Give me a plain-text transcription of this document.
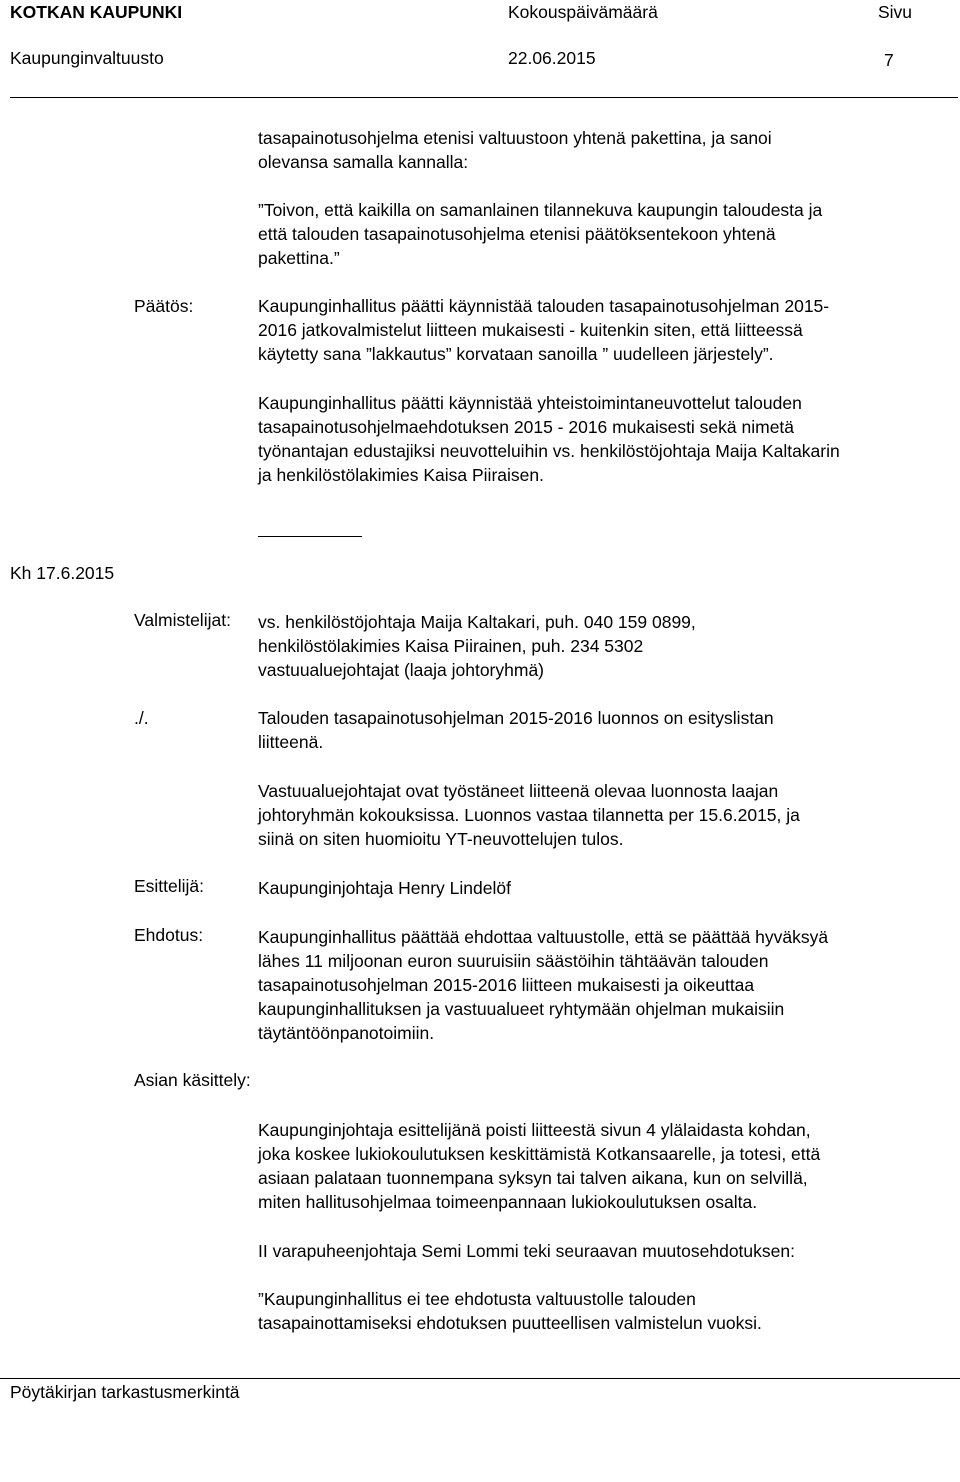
KOTKAN KAUPUNKI	Kokouspäivämäärä	Sivu
Kaupunginvaltuusto	22.06.2015	7
tasapainotusohjelma etenisi valtuustoon yhtenä pakettina, ja sanoi
olevansa samalla kannalla:
”Toivon, että kaikilla on samanlainen tilannekuva kaupungin taloudesta ja
että talouden tasapainotusohjelma etenisi päätöksentekoon yhtenä
pakettina.”
Päätös:	Kaupunginhallitus päätti käynnistää talouden tasapainotusohjelman 2015-
2016 jatkovalmistelut liitteen mukaisesti - kuitenkin siten, että liitteessä
käytetty sana ”lakkautus” korvataan sanoilla ” uudelleen järjestely”.
Kaupunginhallitus päätti käynnistää yhteistoimintaneuvottelut talouden
tasapainotusohjelmaehdotuksen 2015 - 2016 mukaisesti sekä nimetä
työnantajan edustajiksi neuvotteluihin vs. henkilöstöjohtaja Maija Kaltakarin
ja henkilöstölakimies Kaisa Piiraisen.
Kh 17.6.2015
Valmistelijat: vs. henkilöstöjohtaja Maija Kaltakari, puh. 040 159 0899,
henkilöstölakimies Kaisa Piirainen, puh. 234 5302
vastuualuejohtajat (laaja johtoryhmä)
./.	Talouden tasapainotusohjelman 2015-2016 luonnos on esityslistan
liitteenä.
Vastuualuejohtajat ovat työstäneet liitteenä olevaa luonnosta laajan
johtoryhmän kokouksissa. Luonnos vastaa tilannetta per 15.6.2015, ja
siinä on siten huomioitu YT-neuvottelujen tulos.
Esittelijä:	Kaupunginjohtaja Henry Lindelöf
Ehdotus:	Kaupunginhallitus päättää ehdottaa valtuustolle, että se päättää hyväksyä
lähes 11 miljoonan euron suuruisiin säästöihin tähtäävän talouden
tasapainotusohjelman 2015-2016 liitteen mukaisesti ja oikeuttaa
kaupunginhallituksen ja vastuualueet ryhtymään ohjelman mukaisiin
täytäntöönpanotoimiin.
Asian käsittely:
Kaupunginjohtaja esittelijänä poisti liitteestä sivun 4 ylälaidasta kohdan,
joka koskee lukiokoulutuksen keskittämistä Kotkansaarelle, ja totesi, että
asiaan palataan tuonnempana syksyn tai talven aikana, kun on selvillä,
miten hallitusohjelmaa toimeenpannaan lukiokoulutuksen osalta.
II varapuheenjohtaja Semi Lommi teki seuraavan muutosehdotuksen:
”Kaupunginhallitus ei tee ehdotusta valtuustolle talouden
tasapainottamiseksi ehdotuksen puutteellisen valmistelun vuoksi.
Pöytäkirjan tarkastusmerkintä
